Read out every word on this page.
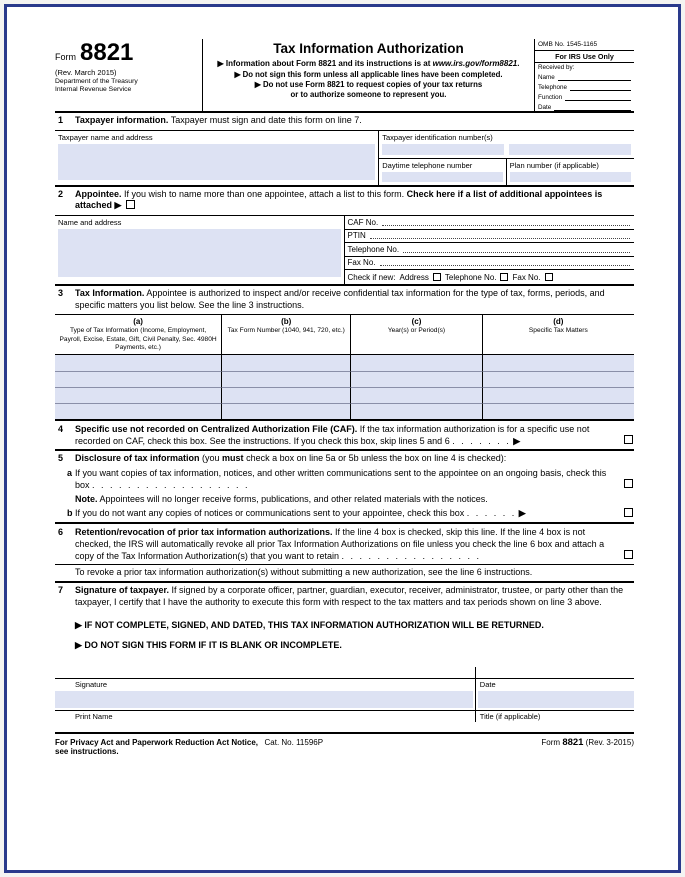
Form 8821
(Rev. March 2015)
Department of the Treasury
Internal Revenue Service
Tax Information Authorization
▶ Information about Form 8821 and its instructions is at www.irs.gov/form8821.
▶ Do not sign this form unless all applicable lines have been completed.
▶ Do not use Form 8821 to request copies of your tax returns
or to authorize someone to represent you.
OMB No. 1545-1165
For IRS Use Only
Received by:
Name
Telephone
Function
Date
1	Taxpayer information. Taxpayer must sign and date this form on line 7.
Taxpayer name and address	Taxpayer identification number(s)
Daytime telephone number	Plan number (if applicable)
2	Appointee. If you wish to name more than one appointee, attach a list to this form. Check here if a list of additional appointees is attached ▶
Name and address	CAF No.
PTIN
Telephone No.
Fax No.
Check if new: Address Telephone No. Fax No.
3	Tax Information. Appointee is authorized to inspect and/or receive confidential tax information for the type of tax, forms, periods, and specific matters you list below. See the line 3 instructions.
(a)
Type of Tax Information (Income, Employment, Payroll, Excise, Estate, Gift, Civil Penalty, Sec. 4980H Payments, etc.)
(b)
Tax Form Number (1040, 941, 720, etc.)
(c)
Year(s) or Period(s)
(d)
Specific Tax Matters
4	Specific use not recorded on Centralized Authorization File (CAF). If the tax information authorization is for a specific use not recorded on CAF, check this box. See the instructions. If you check this box, skip lines 5 and 6 . . . . . . . ▶
5	Disclosure of tax information (you must check a box on line 5a or 5b unless the box on line 4 is checked):
a If you want copies of tax information, notices, and other written communications sent to the appointee on an ongoing basis, check this box . . . . . . . . . . . . . . . . . .
Note. Appointees will no longer receive forms, publications, and other related materials with the notices.
b If you do not want any copies of notices or communications sent to your appointee, check this box . . . . . . ▶
6	Retention/revocation of prior tax information authorizations. If the line 4 box is checked, skip this line. If the line 4 box is not checked, the IRS will automatically revoke all prior Tax Information Authorizations on file unless you check the line 6 box and attach a copy of the Tax Information Authorization(s) that you want to retain . . . . . . . . . . . . . . . .
To revoke a prior tax information authorization(s) without submitting a new authorization, see the line 6 instructions.
7	Signature of taxpayer. If signed by a corporate officer, partner, guardian, executor, receiver, administrator, trustee, or party other than the taxpayer, I certify that I have the authority to execute this form with respect to the tax matters and tax periods shown on line 3 above.
▶ IF NOT COMPLETE, SIGNED, AND DATED, THIS TAX INFORMATION AUTHORIZATION WILL BE RETURNED.
▶ DO NOT SIGN THIS FORM IF IT IS BLANK OR INCOMPLETE.
Signature	Date
Print Name	Title (if applicable)
For Privacy Act and Paperwork Reduction Act Notice, see instructions.
Cat. No. 11596P	Form 8821 (Rev. 3-2015)
